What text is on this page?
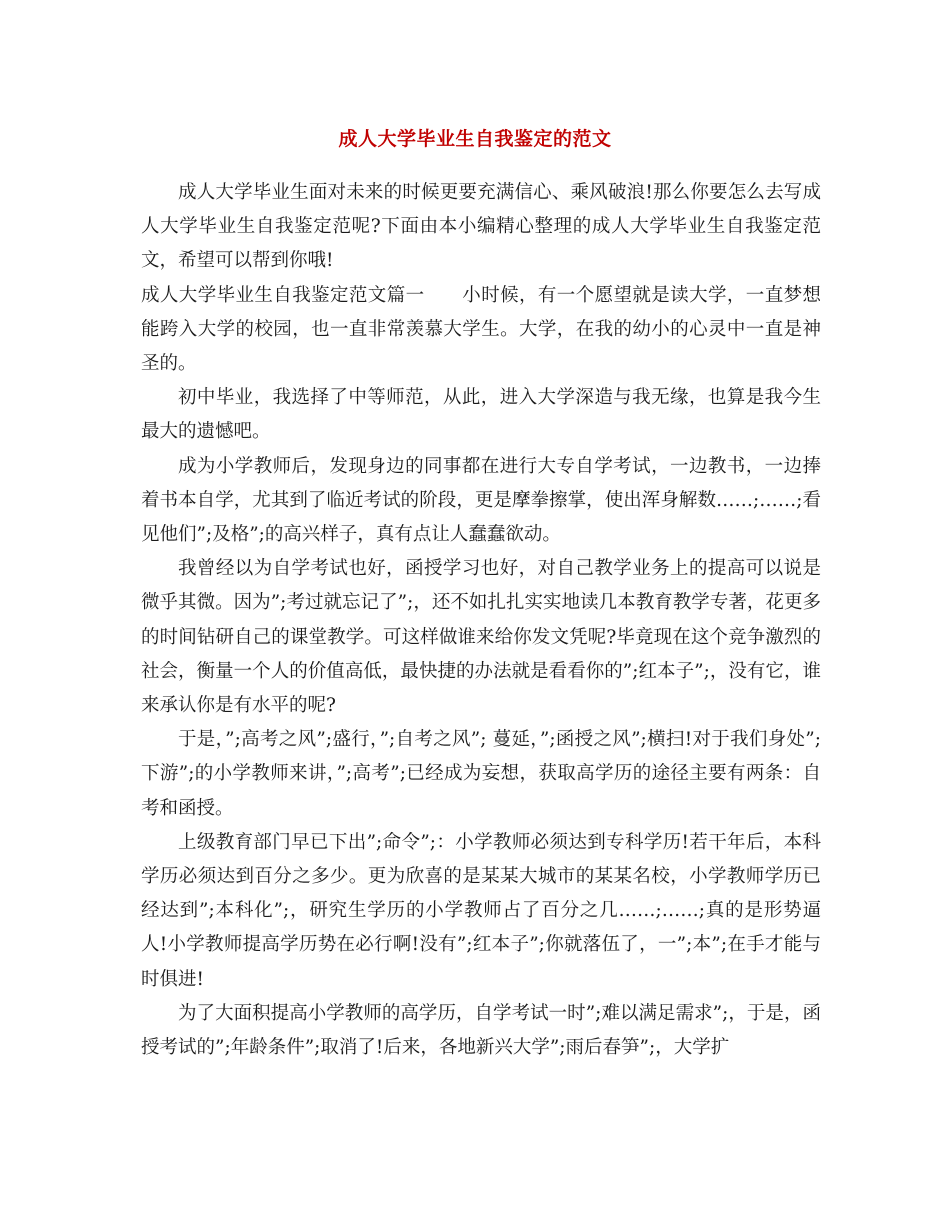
成人大学毕业生自我鉴定的范文

成人大学毕业生面对未来的时候更要充满信心、乘风破浪!那么你要怎么去写成人大学毕业生自我鉴定范呢?下面由本小编精心整理的成人大学毕业生自我鉴定范文，希望可以帮到你哦!

成人大学毕业生自我鉴定范文篇一　　小时候，有一个愿望就是读大学，一直梦想能跨入大学的校园，也一直非常羡慕大学生。大学，在我的幼小的心灵中一直是神圣的。

初中毕业，我选择了中等师范，从此，进入大学深造与我无缘，也算是我今生最大的遗憾吧。

成为小学教师后，发现身边的同事都在进行大专自学考试，一边教书，一边捧着书本自学，尤其到了临近考试的阶段，更是摩拳擦掌，使出浑身解数……;……;看见他们”;及格”;的高兴样子，真有点让人蠢蠢欲动。

我曾经以为自学考试也好，函授学习也好，对自己教学业务上的提高可以说是微乎其微。因为”;考过就忘记了”;，还不如扎扎实实地读几本教育教学专著，花更多的时间钻研自己的课堂教学。可这样做谁来给你发文凭呢?毕竟现在这个竞争激烈的社会，衡量一个人的价值高低，最快捷的办法就是看看你的”;红本子”;，没有它，谁来承认你是有水平的呢?

于是，”;高考之风”;盛行，”;自考之风”; 蔓延，”;函授之风”;横扫!对于我们身处”;下游”;的小学教师来讲，”;高考”;已经成为妄想，获取高学历的途径主要有两条：自考和函授。

上级教育部门早已下出”;命令”;：小学教师必须达到专科学历!若干年后，本科学历必须达到百分之多少。更为欣喜的是某某大城市的某某名校，小学教师学历已经达到”;本科化”;，研究生学历的小学教师占了百分之几……;……;真的是形势逼人!小学教师提高学历势在必行啊!没有”;红本子”;你就落伍了，一”;本”;在手才能与时俱进!

为了大面积提高小学教师的高学历，自学考试一时”;难以满足需求”;，于是，函授考试的”;年龄条件”;取消了!后来，各地新兴大学”;雨后春笋”;，大学扩
